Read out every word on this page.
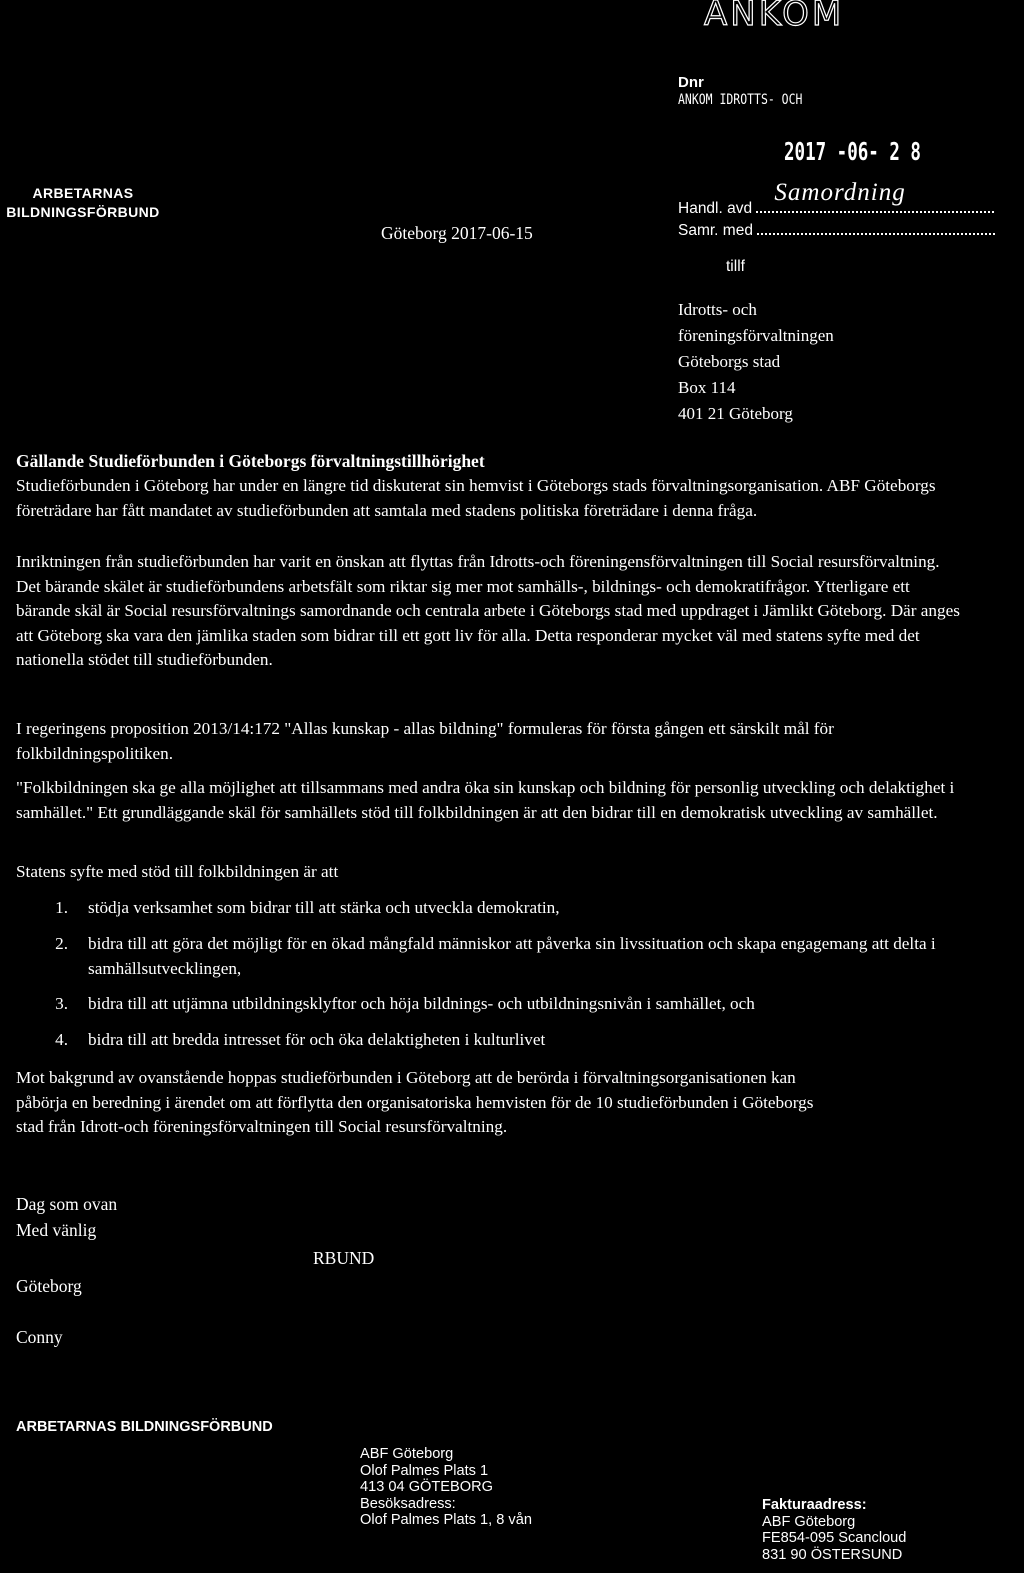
ANKOM
Dnr
ANKOM IDROTTS- OCH
2017 -06- 2 8
Handl. avd
Samordning
Samr. med
tillf
ARBETARNAS
BILDNINGSFÖRBUND
Göteborg 2017-06-15
Idrotts- och
föreningsförvaltningen
Göteborgs stad
Box 114
401 21 Göteborg
Gällande Studieförbunden i Göteborgs förvaltningstillhörighet

Studieförbunden i Göteborg har under en längre tid diskuterat sin hemvist i Göteborgs stads förvaltningsorganisation. ABF Göteborgs företrädare har fått mandatet av studieförbunden att samtala med stadens politiska företrädare i denna fråga.

Inriktningen från studieförbunden har varit en önskan att flyttas från Idrotts-och föreningensförvaltningen till Social resursförvaltning. Det bärande skälet är studieförbundens arbetsfält som riktar sig mer mot samhälls-, bildnings- och demokratifrågor. Ytterligare ett bärande skäl är Social resursförvaltnings samordnande och centrala arbete i Göteborgs stad med uppdraget i Jämlikt Göteborg. Där anges att Göteborg ska vara den jämlika staden som bidrar till ett gott liv för alla. Detta responderar mycket väl med statens syfte med det nationella stödet till studieförbunden.

I regeringens proposition 2013/14:172 "Allas kunskap - allas bildning" formuleras för första gången ett särskilt mål för folkbildningspolitiken.

"Folkbildningen ska ge alla möjlighet att tillsammans med andra öka sin kunskap och bildning för personlig utveckling och delaktighet i samhället." Ett grundläggande skäl för samhällets stöd till folkbildningen är att den bidrar till en demokratisk utveckling av samhället.

Statens syfte med stöd till folkbildningen är att

1. stödja verksamhet som bidrar till att stärka och utveckla demokratin,
2. bidra till att göra det möjligt för en ökad mångfald människor att påverka sin livssituation och skapa engagemang att delta i samhällsutvecklingen,
3. bidra till att utjämna utbildningsklyftor och höja bildnings- och utbildningsnivån i samhället, och
4. bidra till att bredda intresset för och öka delaktigheten i kulturlivet

Mot bakgrund av ovanstående hoppas studieförbunden i Göteborg att de berörda i förvaltningsorganisationen kan påbörja en beredning i ärendet om att förflytta den organisatoriska hemvisten för de 10 studieförbunden i Göteborgs stad från Idrott-och föreningsförvaltningen till Social resursförvaltning.

Dag som ovan
Med vänlig
RBUND
Göteborg
Conny
ARBETARNAS BILDNINGSFÖRBUND
ABF Göteborg
Olof Palmes Plats 1
413 04 GÖTEBORG
Besöksadress:
Olof Palmes Plats 1, 8 vån
Fakturaadress:
ABF Göteborg
FE854-095 Scancloud
831 90 ÖSTERSUND
